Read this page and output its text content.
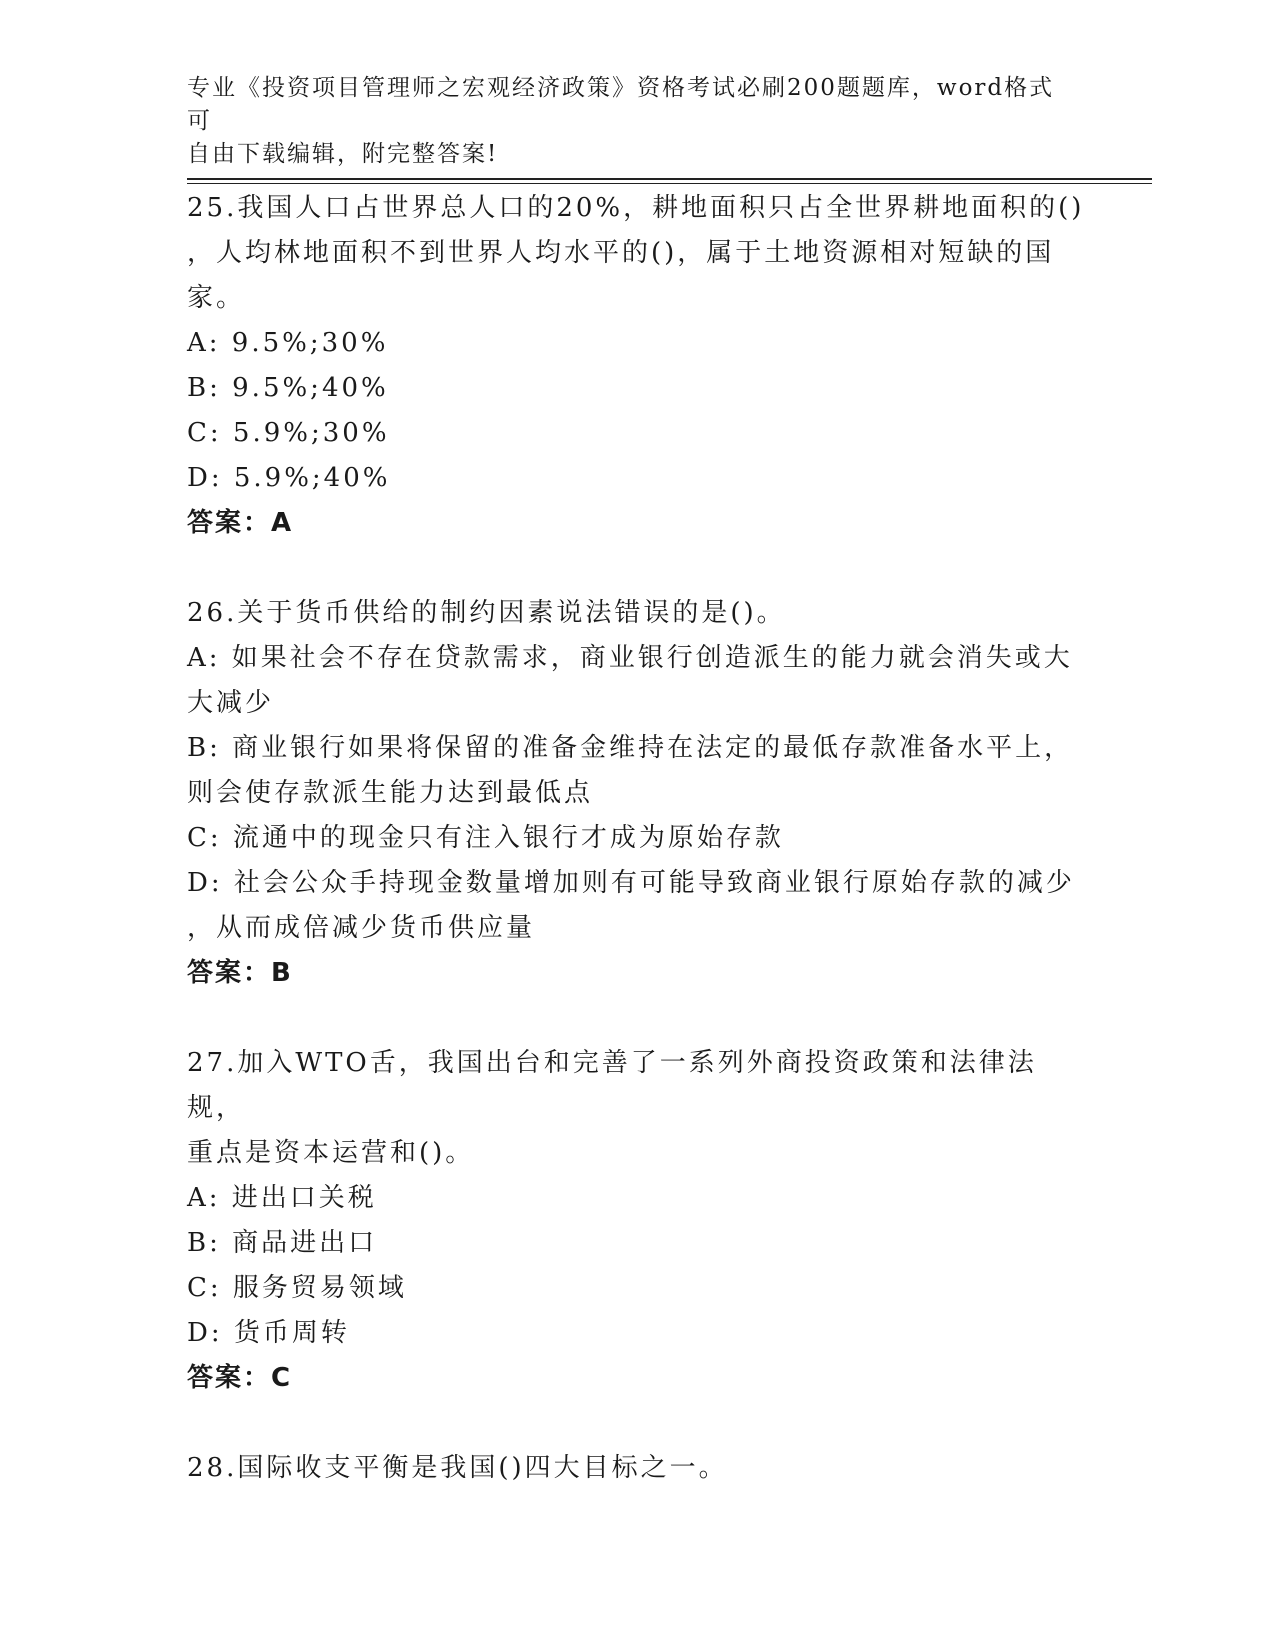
专业《投资项目管理师之宏观经济政策》资格考试必刷200题题库，word格式可
自由下载编辑，附完整答案!
25.我国人口占世界总人口的20%，耕地面积只占全世界耕地面积的()
，人均林地面积不到世界人均水平的()，属于土地资源相对短缺的国
家。
A: 9.5%;30%
B: 9.5%;40%
C: 5.9%;30%
D: 5.9%;40%
答案：A
26.关于货币供给的制约因素说法错误的是()。
A: 如果社会不存在贷款需求，商业银行创造派生的能力就会消失或大
大减少
B: 商业银行如果将保留的准备金维持在法定的最低存款准备水平上，
则会使存款派生能力达到最低点
C: 流通中的现金只有注入银行才成为原始存款
D: 社会公众手持现金数量增加则有可能导致商业银行原始存款的减少
，从而成倍减少货币供应量
答案：B
27.加入WTO舌，我国出台和完善了一系列外商投资政策和法律法规，
重点是资本运营和()。
A: 进出口关税
B: 商品进出口
C: 服务贸易领域
D: 货币周转
答案：C
28.国际收支平衡是我国()四大目标之一。
